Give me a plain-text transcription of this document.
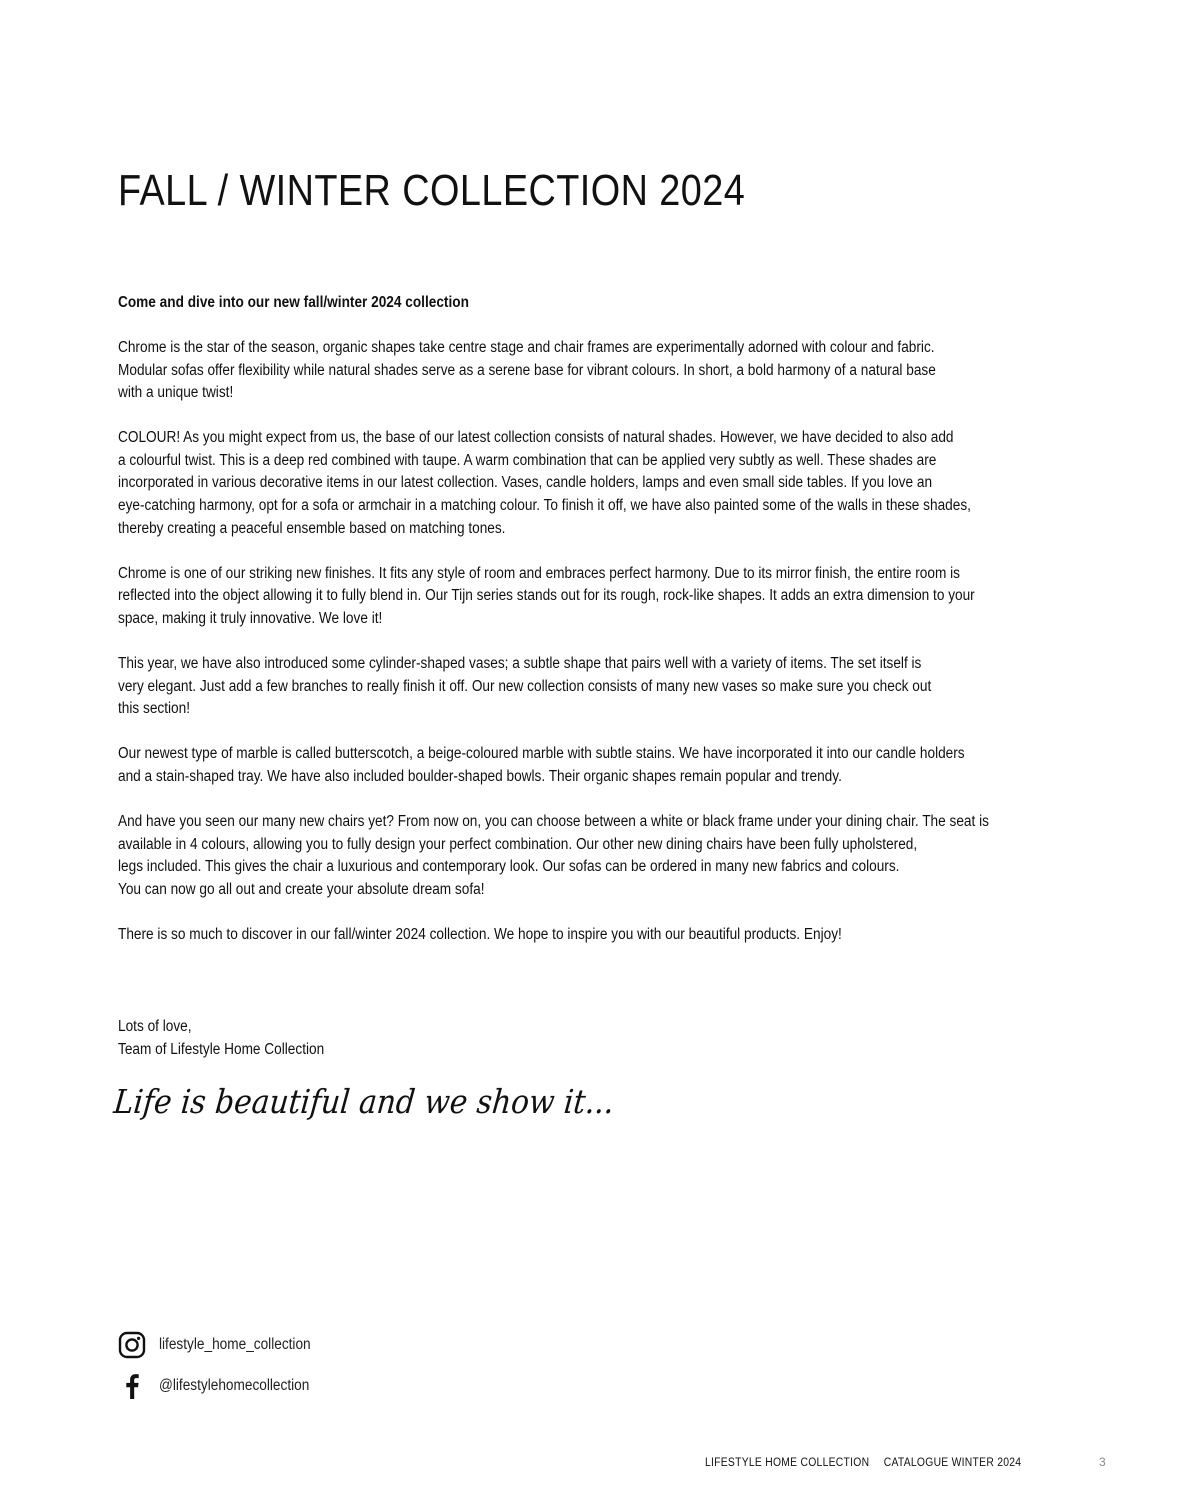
FALL / WINTER COLLECTION 2024
Come and dive into our new fall/winter 2024 collection

Chrome is the star of the season, organic shapes take centre stage and chair frames are experimentally adorned with colour and fabric.
Modular sofas offer flexibility while natural shades serve as a serene base for vibrant colours. In short, a bold harmony of a natural base
with a unique twist!

COLOUR! As you might expect from us, the base of our latest collection consists of natural shades. However, we have decided to also add
a colourful twist. This is a deep red combined with taupe. A warm combination that can be applied very subtly as well. These shades are
incorporated in various decorative items in our latest collection. Vases, candle holders, lamps and even small side tables. If you love an
eye-catching harmony, opt for a sofa or armchair in a matching colour. To finish it off, we have also painted some of the walls in these shades,
thereby creating a peaceful ensemble based on matching tones.

Chrome is one of our striking new finishes. It fits any style of room and embraces perfect harmony. Due to its mirror finish, the entire room is
reflected into the object allowing it to fully blend in. Our Tijn series stands out for its rough, rock-like shapes. It adds an extra dimension to your
space, making it truly innovative. We love it!

This year, we have also introduced some cylinder-shaped vases; a subtle shape that pairs well with a variety of items. The set itself is
very elegant. Just add a few branches to really finish it off. Our new collection consists of many new vases so make sure you check out
this section!

Our newest type of marble is called butterscotch, a beige-coloured marble with subtle stains. We have incorporated it into our candle holders
and a stain-shaped tray. We have also included boulder-shaped bowls. Their organic shapes remain popular and trendy.

And have you seen our many new chairs yet? From now on, you can choose between a white or black frame under your dining chair. The seat is
available in 4 colours, allowing you to fully design your perfect combination. Our other new dining chairs have been fully upholstered,
legs included. This gives the chair a luxurious and contemporary look. Our sofas can be ordered in many new fabrics and colours.
You can now go all out and create your absolute dream sofa!

There is so much to discover in our fall/winter 2024 collection. We hope to inspire you with our beautiful products. Enjoy!

Lots of love,
Team of Lifestyle Home Collection
Life is beautiful and we show it...
lifestyle_home_collection
@lifestylehomecollection
LIFESTYLE HOME COLLECTION CATALOGUE WINTER 2024	3
